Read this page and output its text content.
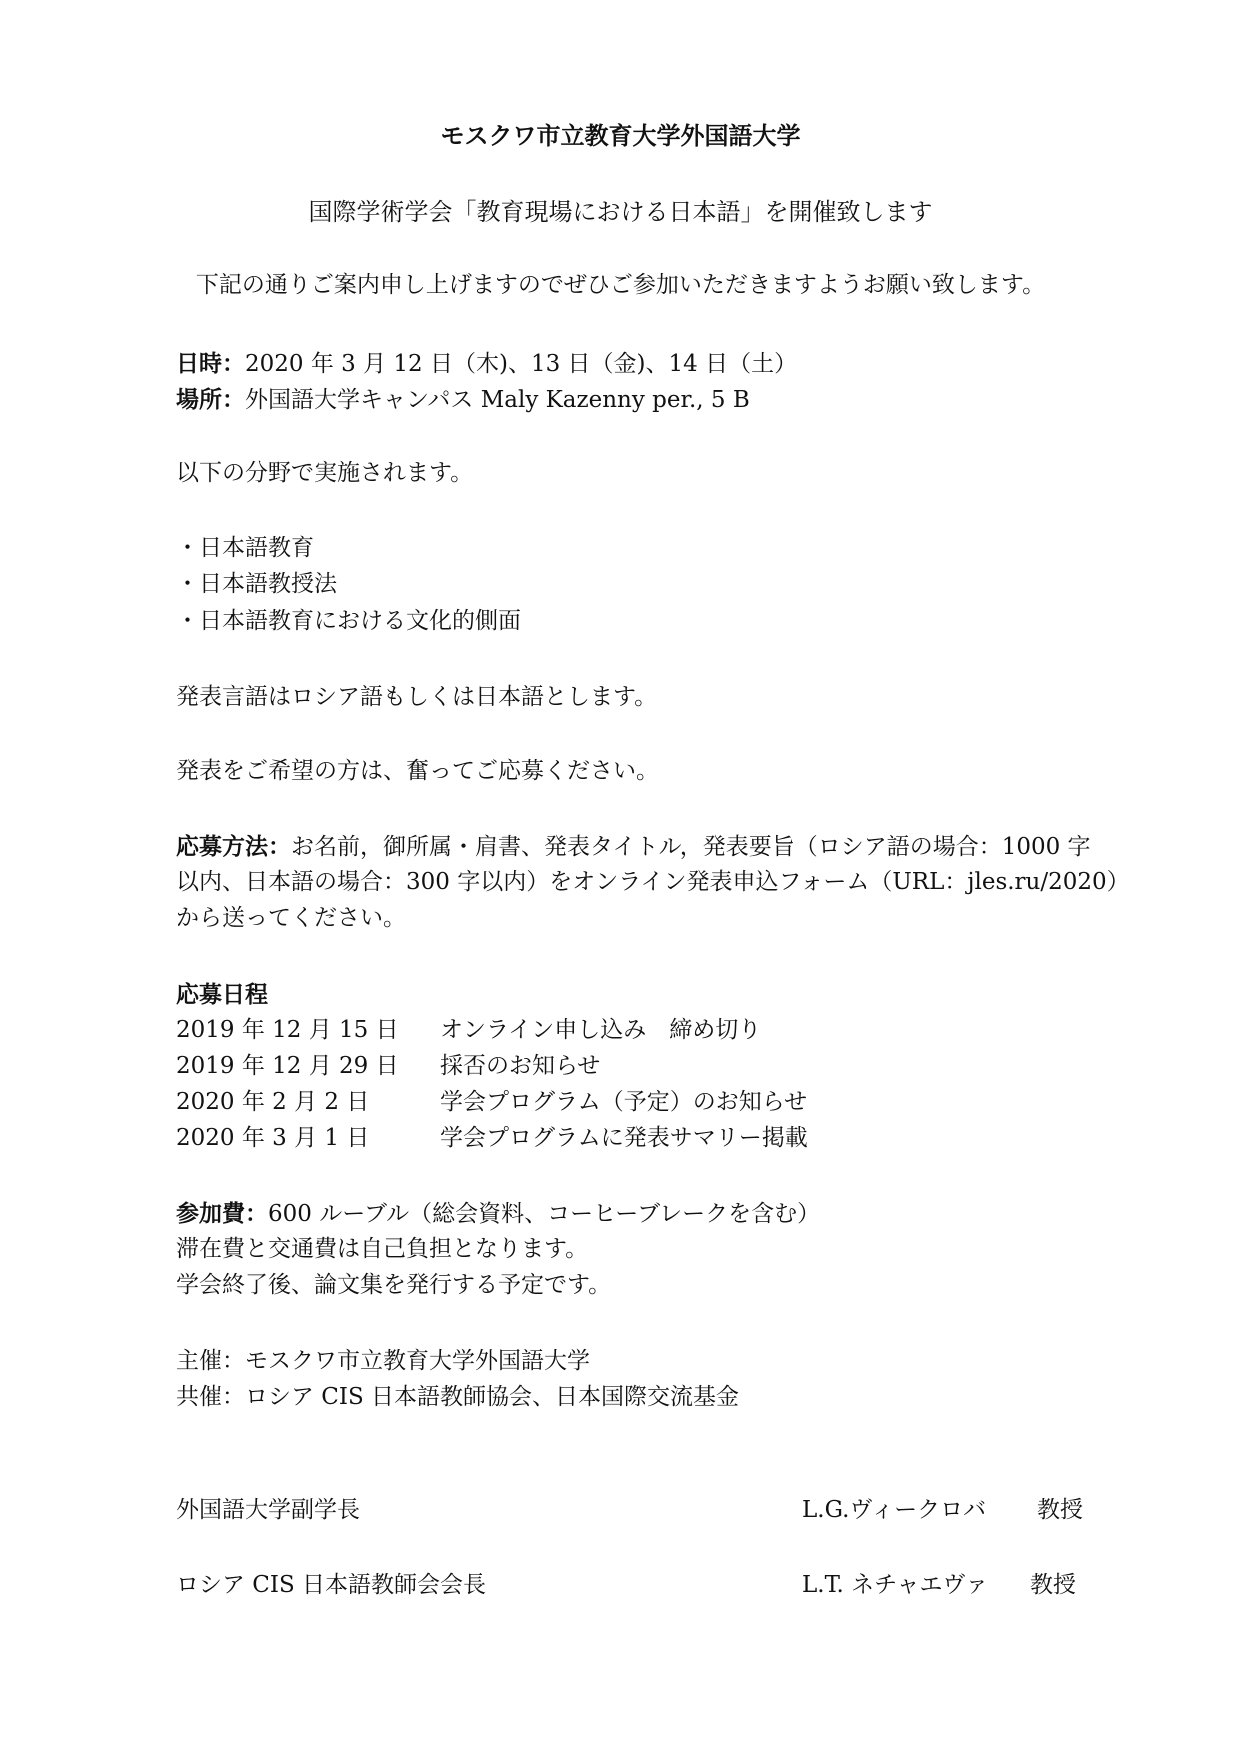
モスクワ市立教育大学外国語大学
国際学術学会「教育現場における日本語」を開催致します
下記の通りご案内申し上げますのでぜひご参加いただきますようお願い致します。
日時：2020 年 3 月 12 日（木)、13 日（金)、14 日（土）
場所：外国語大学キャンパス Maly Kazenny per., 5 B
以下の分野で実施されます。
・日本語教育
・日本語教授法
・日本語教育における文化的側面
発表言語はロシア語もしくは日本語とします。
発表をご希望の方は、奮ってご応募ください。
応募方法：お名前，御所属・肩書、発表タイトル，発表要旨（ロシア語の場合：1000 字
以内、日本語の場合：300 字以内）をオンライン発表申込フォーム（URL：jles.ru/2020）
から送ってください。
応募日程
2019 年 12 月 15 日 オンライン申し込み　締め切り
2019 年 12 月 29 日 採否のお知らせ
2020 年 2 月 2 日	学会プログラム（予定）のお知らせ
2020 年 3 月 1 日	学会プログラムに発表サマリー掲載
参加費：600 ルーブル（総会資料、コーヒーブレークを含む）
滞在費と交通費は自己負担となります。
学会終了後、論文集を発行する予定です。
主催：モスクワ市立教育大学外国語大学
共催：ロシア CIS 日本語教師協会、日本国際交流基金
外国語大学副学長	L.G.ヴィークロバ 教授
ロシア CIS 日本語教師会会長	L.T. ネチャエヴァ 教授
